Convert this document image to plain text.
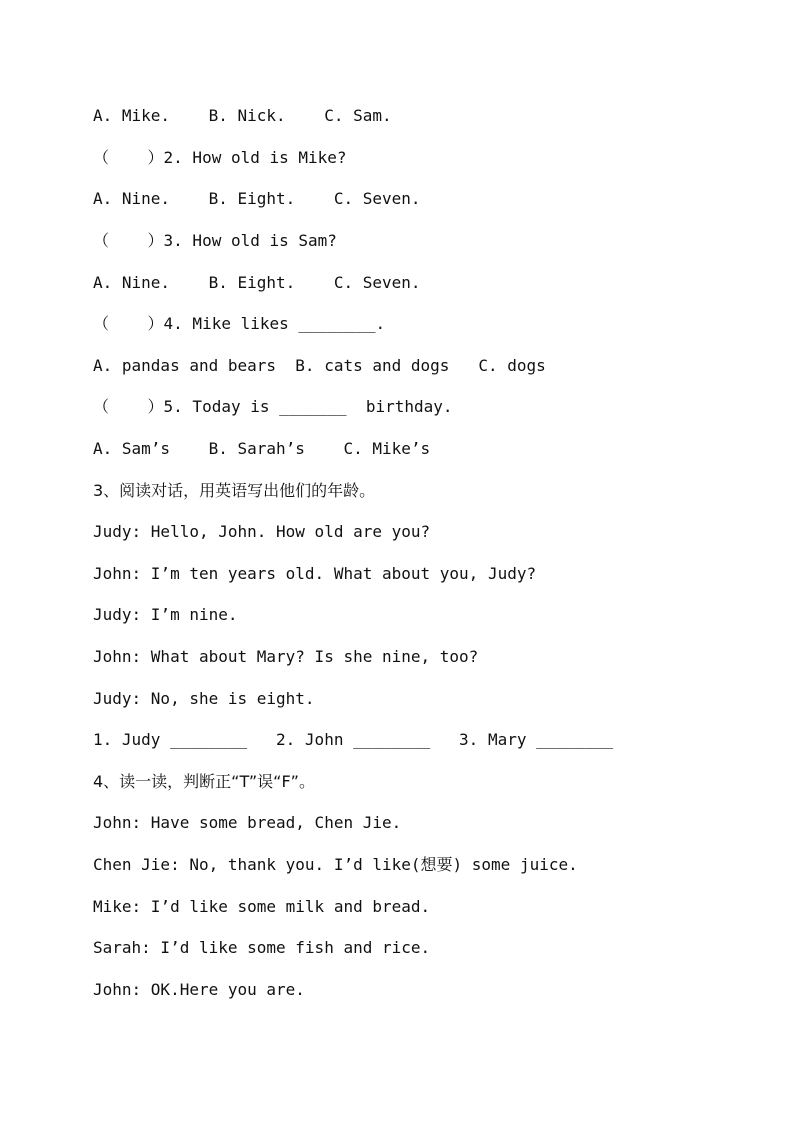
A. Mike.    B. Nick.    C. Sam.
（    ）2. How old is Mike?
A. Nine.    B. Eight.    C. Seven.
（    ）3. How old is Sam?
A. Nine.    B. Eight.    C. Seven.
（    ）4. Mike likes ________.
A. pandas and bears  B. cats and dogs   C. dogs
（    ）5. Today is _______  birthday.
A. Sam’s    B. Sarah’s    C. Mike’s
3、阅读对话，用英语写出他们的年龄。
Judy: Hello, John. How old are you?
John: I’m ten years old. What about you, Judy?
Judy: I’m nine.
John: What about Mary? Is she nine, too?
Judy: No, she is eight.
1. Judy ________   2. John ________   3. Mary ________
4、读一读，判断正“T”误“F”。
John: Have some bread, Chen Jie.
Chen Jie: No, thank you. I’d like(想要) some juice.
Mike: I’d like some milk and bread.
Sarah: I’d like some fish and rice.
John: OK.Here you are.
